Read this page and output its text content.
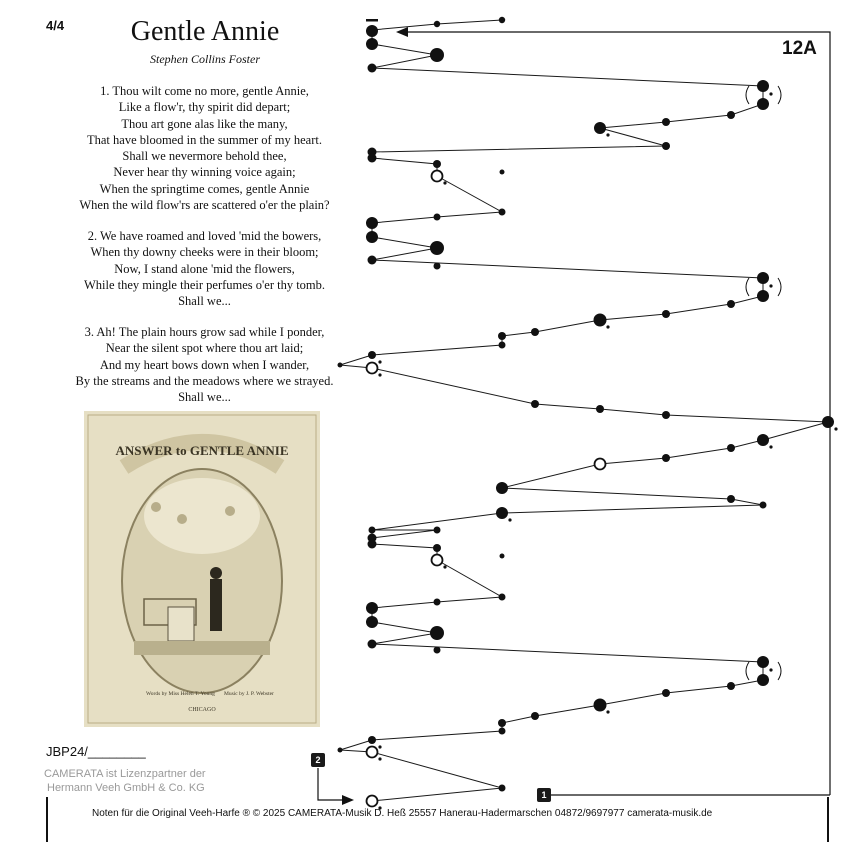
4/4	Gentle Annie
Stephen Collins Foster	12A
1. Thou wilt come no more, gentle Annie,
Like a flow'r, thy spirit did depart;
Thou art gone alas like the many,
That have bloomed in the summer of my heart.
Shall we nevermore behold thee,
Never hear thy winning voice again;
When the springtime comes, gentle Annie
When the wild flow'rs are scattered o'er the plain?
2. We have roamed and loved 'mid the bowers,
When thy downy cheeks were in their bloom;
Now, I stand alone 'mid the flowers,
While they mingle their perfumes o'er thy tomb.
Shall we...
3. Ah! The plain hours grow sad while I ponder,
Near the silent spot where thou art laid;
And my heart bows down when I wander,
By the streams and the meadows where we strayed.
Shall we...
ANSWER to GENTLE ANNIE
Words by Miss Helen T. Young Music by J. P. Webster
CHICAGO
1
2
JBP24/________
CAMERATA ist Lizenzpartner der
Hermann Veeh GmbH & Co. KG
Noten für die Original Veeh-Harfe ® © 2025 CAMERATA-Musik D. Heß 25557 Hanerau-Hadermarschen 04872/9697977 camerata-musik.de
